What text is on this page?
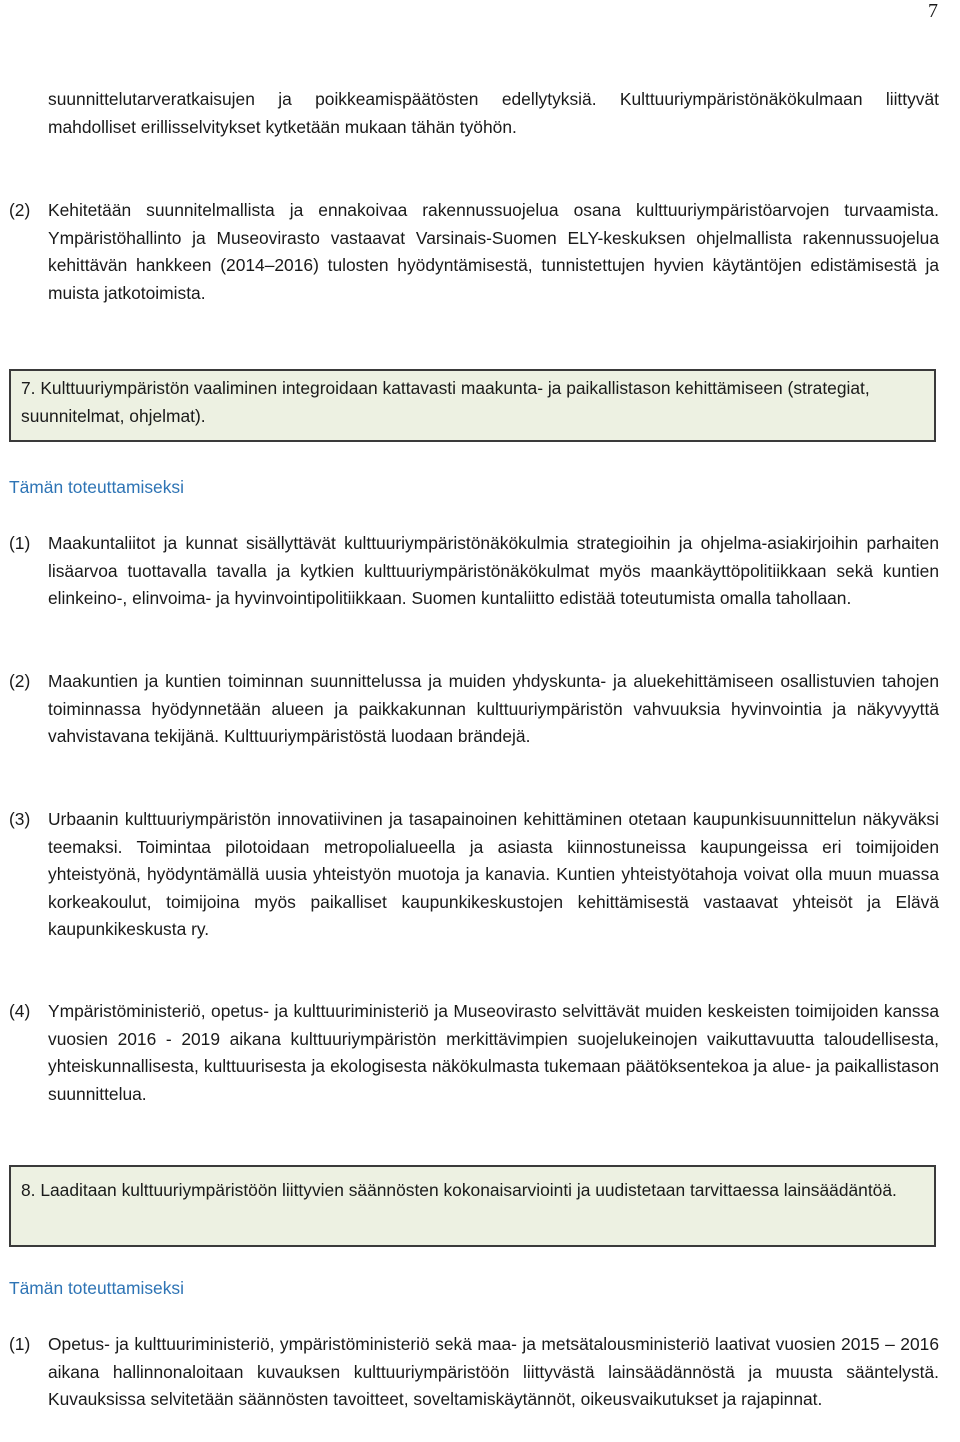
7
suunnittelutarveratkaisujen ja poikkeamispäätösten edellytyksiä. Kulttuuriympäristönäkökulmaan liittyvät mahdolliset erillisselvitykset kytketään mukaan tähän työhön.
(2) Kehitetään suunnitelmallista ja ennakoivaa rakennussuojelua osana kulttuuriympäristöarvojen turvaamista. Ympäristöhallinto ja Museovirasto vastaavat Varsinais-Suomen ELY-keskuksen ohjelmallista rakennussuojelua kehittävän hankkeen (2014–2016) tulosten hyödyntämisestä, tunnistettujen hyvien käytäntöjen edistämisestä ja muista jatkotoimista.
7. Kulttuuriympäristön vaaliminen integroidaan kattavasti maakunta- ja paikallistason kehittämiseen (strategiat, suunnitelmat, ohjelmat).
Tämän toteuttamiseksi
(1) Maakuntaliitot ja kunnat sisällyttävät kulttuuriympäristönäkökulmia strategioihin ja ohjelma-asiakirjoihin parhaiten lisäarvoa tuottavalla tavalla ja kytkien kulttuuriympäristönäkökulmat myös maankäyttöpolitiikkaan sekä kuntien elinkeino-, elinvoima- ja hyvinvointipolitiikkaan. Suomen kuntaliitto edistää toteutumista omalla tahollaan.
(2) Maakuntien ja kuntien toiminnan suunnittelussa ja muiden yhdyskunta- ja aluekehittämiseen osallistuvien tahojen toiminnassa hyödynnetään alueen ja paikkakunnan kulttuuriympäristön vahvuuksia hyvinvointia ja näkyvyyttä vahvistavana tekijänä. Kulttuuriympäristöstä luodaan brändejä.
(3) Urbaanin kulttuuriympäristön innovatiivinen ja tasapainoinen kehittäminen otetaan kaupunkisuunnittelun näkyväksi teemaksi. Toimintaa pilotoidaan metropolialueella ja asiasta kiinnostuneissa kaupungeissa eri toimijoiden yhteistyönä, hyödyntämällä uusia yhteistyön muotoja ja kanavia. Kuntien yhteistyötahoja voivat olla muun muassa korkeakoulut, toimijoina myös paikalliset kaupunkikeskustojen kehittämisestä vastaavat yhteisöt ja Elävä kaupunkikeskusta ry.
(4) Ympäristöministeriö, opetus- ja kulttuuriministeriö ja Museovirasto selvittävät muiden keskeisten toimijoiden kanssa vuosien 2016 - 2019 aikana kulttuuriympäristön merkittävimpien suojelukeinojen vaikuttavuutta taloudellisesta, yhteiskunnallisesta, kulttuurisesta ja ekologisesta näkökulmasta tukemaan päätöksentekoa ja alue- ja paikallistason suunnittelua.
8. Laaditaan kulttuuriympäristöön liittyvien säännösten kokonaisarviointi ja uudistetaan tarvittaessa lainsäädäntöä.
Tämän toteuttamiseksi
(1) Opetus- ja kulttuuriministeriö, ympäristöministeriö sekä maa- ja metsätalousministeriö laativat vuosien 2015 – 2016 aikana hallinnonaloitaan kuvauksen kulttuuriympäristöön liittyvästä lainsäädännöstä ja muusta sääntelystä. Kuvauksissa selvitetään säännösten tavoitteet, soveltamiskäytännöt, oikeusvaikutukset ja rajapinnat.
